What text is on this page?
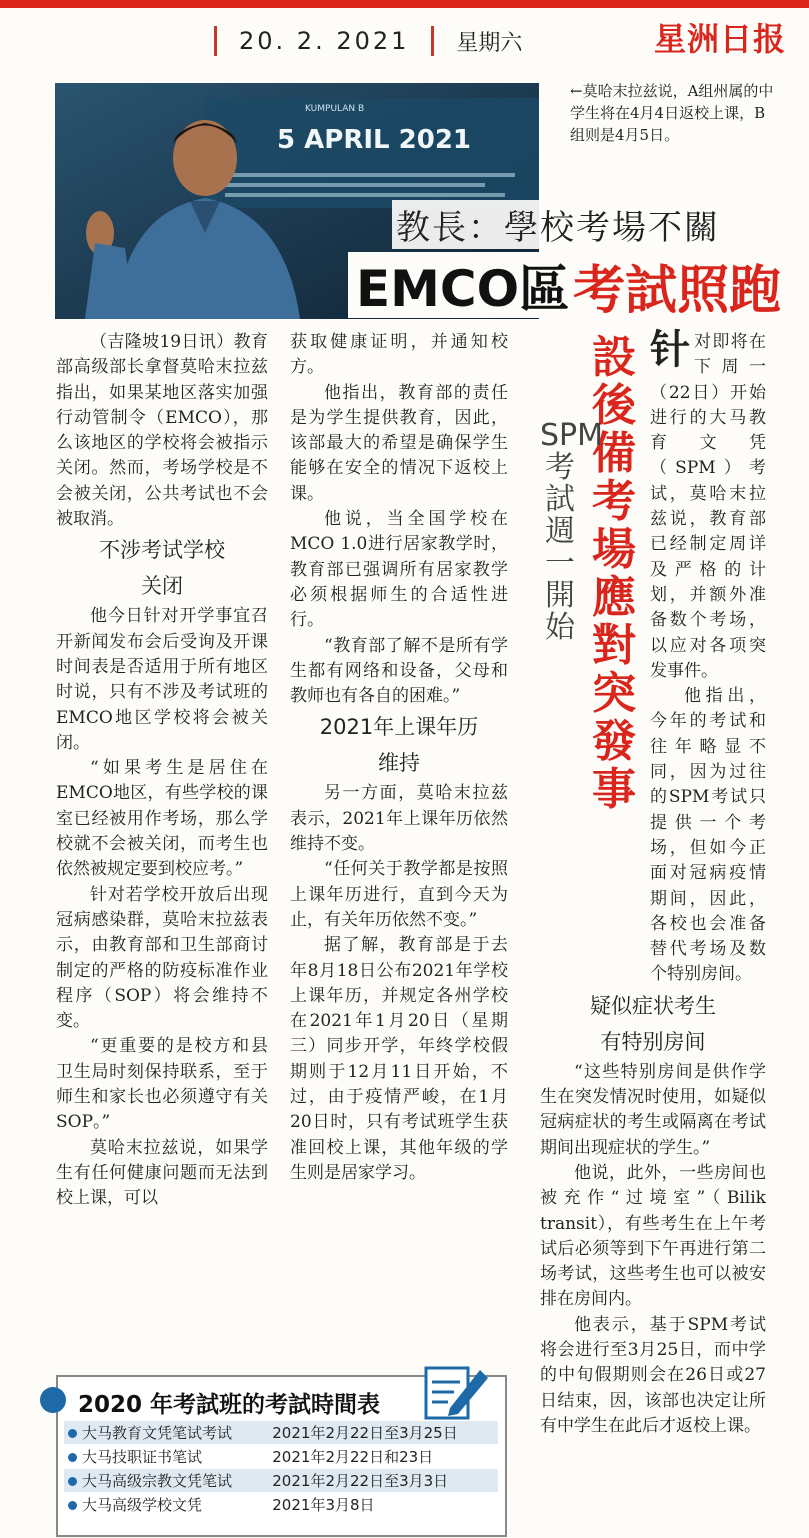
20. 2. 2021 星期六	星洲日报
KUMPULAN B
5 APRIL 2021
←莫哈末拉兹说，A组州属的中学生将在4月4日返校上课，B组则是4月5日。
教長：學校考場不關
EMCO區 考試照跑

（吉隆坡19日讯）教育部高级部长拿督莫哈末拉兹指出，如果某地区落实加强行动管制令（EMCO），那么该地区的学校将会被指示关闭。然而，考场学校是不会被关闭，公共考试也不会被取消。

不涉考试学校

关闭

他今日针对开学事宜召开新闻发布会后受询及开课时间表是否适用于所有地区时说，只有不涉及考试班的EMCO地区学校将会被关闭。

“如果考生是居住在EMCO地区，有些学校的课室已经被用作考场，那么学校就不会被关闭，而考生也依然被规定要到校应考。”

针对若学校开放后出现冠病感染群，莫哈末拉兹表示，由教育部和卫生部商讨制定的严格的防疫标准作业程序（SOP）将会维持不变。

“更重要的是校方和县卫生局时刻保持联系，至于师生和家长也必须遵守有关SOP。”

莫哈末拉兹说，如果学生有任何健康问题而无法到校上课，可以

获取健康证明，并通知校方。

他指出，教育部的责任是为学生提供教育，因此，该部最大的希望是确保学生能够在安全的情况下返校上课。

他说，当全国学校在MCO 1.0进行居家教学时，教育部已强调所有居家教学必须根据师生的合适性进行。

“教育部了解不是所有学生都有网络和设备，父母和教师也有各自的困难。”

2021年上课年历

维持

另一方面，莫哈末拉兹表示，2021年上课年历依然维持不变。

“任何关于教学都是按照上课年历进行，直到今天为止，有关年历依然不变。”

据了解，教育部是于去年8月18日公布2021年学校上课年历，并规定各州学校在2021年1月20日（星期三）同步开学，年终学校假期则于12月11日开始，不过，由于疫情严峻，在1月20日时，只有考试班学生获准回校上课，其他年级的学生则是居家学习。

設後備考場應對突發事
SPM考試週一開始

针对即将在下周一（22日）开始进行的大马教育文凭（SPM）考试，莫哈末拉兹说，教育部已经制定周详及严格的计划，并额外准备数个考场，以应对各项突发事件。

他指出，今年的考试和往年略显不同，因为过往的SPM考试只提供一个考场，但如今正面对冠病疫情期间，因此，各校也会准备替代考场及数个特别房间。

疑似症状考生

有特别房间

“这些特别房间是供作学生在突发情况时使用，如疑似冠病症状的考生或隔离在考试期间出现症状的学生。”

他说，此外，一些房间也被充作“过境室”（Bilik transit），有些考生在上午考试后必须等到下午再进行第二场考试，这些考生也可以被安排在房间内。

他表示，基于SPM考试将会进行至3月25日，而中学的中旬假期则会在26日或27日结束，因，该部也决定让所有中学生在此后才返校上课。

2020 年考試班的考試時間表
大马教育文凭笔试考试	2021年2月22日至3月25日
大马技职证书笔试	2021年2月22日和23日
大马高级宗教文凭笔试	2021年2月22日至3月3日
大马高级学校文凭	2021年3月8日
